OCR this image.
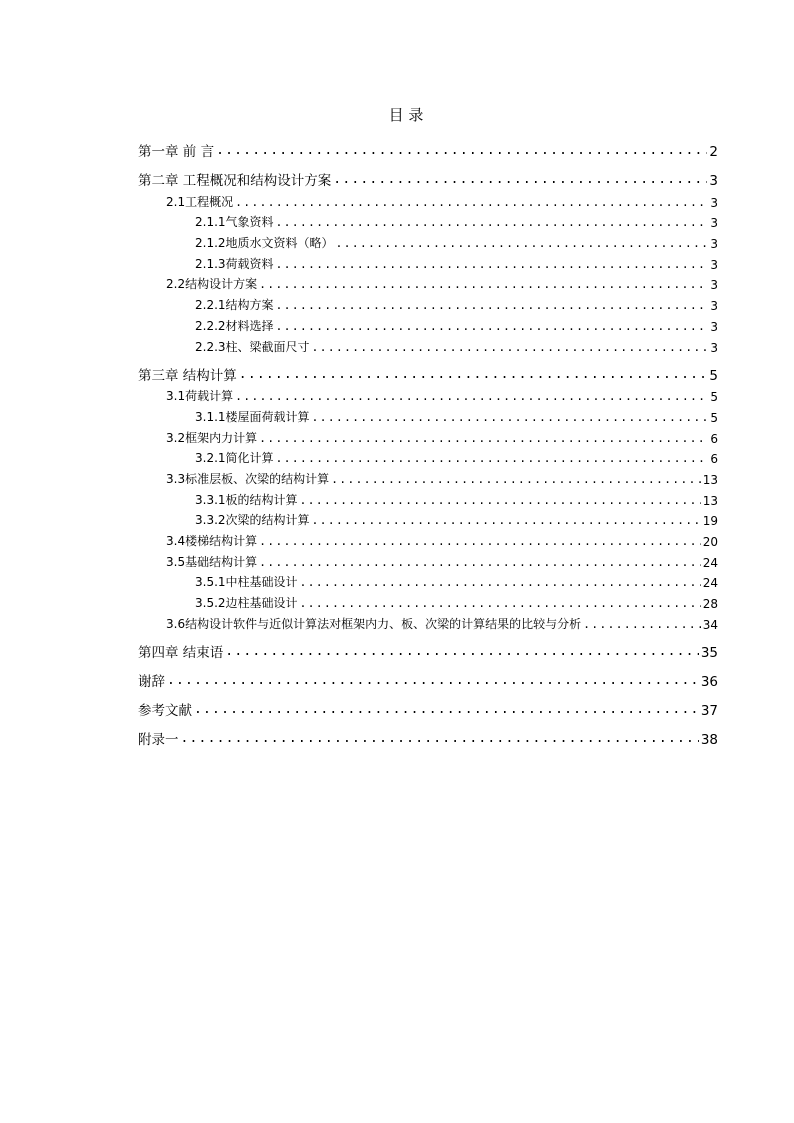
目 录
第一章 前 言 .....	2
第二章 工程概况和结构设计方案 .....	3
2.1工程概况 .....	3
2.1.1气象资料 .....	3
2.1.2地质水文资料（略） .....	3
2.1.3荷载资料 .....	3
2.2结构设计方案 .....	3
2.2.1结构方案 .....	3
2.2.2材料选择 .....	3
2.2.3柱、梁截面尺寸 .....	3
第三章 结构计算 .....	5
3.1荷载计算 .....	5
3.1.1楼屋面荷载计算 .....	5
3.2框架内力计算 .....	6
3.2.1简化计算 .....	6
3.3标准层板、次梁的结构计算 .....	13
3.3.1板的结构计算 .....	13
3.3.2次梁的结构计算 .....	19
3.4楼梯结构计算 .....	20
3.5基础结构计算 .....	24
3.5.1中柱基础设计 .....	24
3.5.2边柱基础设计 .....	28
3.6结构设计软件与近似计算法对框架内力、板、次梁的计算结果的比较与分析 .....	34
第四章 结束语 .....	35
谢辞 .....	36
参考文献 .....	37
附录一 .....	38
